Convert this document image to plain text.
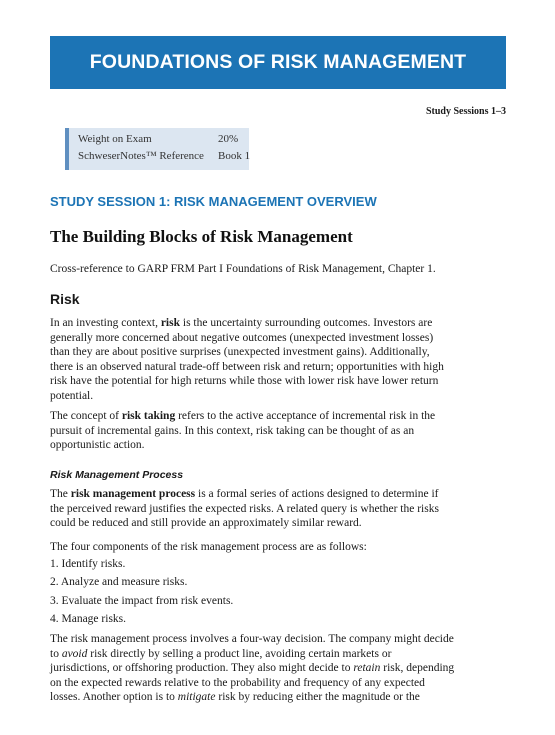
FOUNDATIONS OF RISK MANAGEMENT
Study Sessions 1–3
Weight on Exam	20%
SchweserNotes™ Reference Book 1
STUDY SESSION 1: RISK MANAGEMENT OVERVIEW
The Building Blocks of Risk Management
Cross-reference to GARP FRM Part I Foundations of Risk Management, Chapter 1.
Risk
In an investing context, risk is the uncertainty surrounding outcomes. Investors are
generally more concerned about negative outcomes (unexpected investment losses)
than they are about positive surprises (unexpected investment gains). Additionally,
there is an observed natural trade-off between risk and return; opportunities with high
risk have the potential for high returns while those with lower risk have lower return
potential.
The concept of risk taking refers to the active acceptance of incremental risk in the
pursuit of incremental gains. In this context, risk taking can be thought of as an
opportunistic action.
Risk Management Process
The risk management process is a formal series of actions designed to determine if
the perceived reward justifies the expected risks. A related query is whether the risks
could be reduced and still provide an approximately similar reward.
The four components of the risk management process are as follows:
1. Identify risks.
2. Analyze and measure risks.
3. Evaluate the impact from risk events.
4. Manage risks.
The risk management process involves a four-way decision. The company might decide
to avoid risk directly by selling a product line, avoiding certain markets or
jurisdictions, or offshoring production. They also might decide to retain risk, depending
on the expected rewards relative to the probability and frequency of any expected
losses. Another option is to mitigate risk by reducing either the magnitude or the
